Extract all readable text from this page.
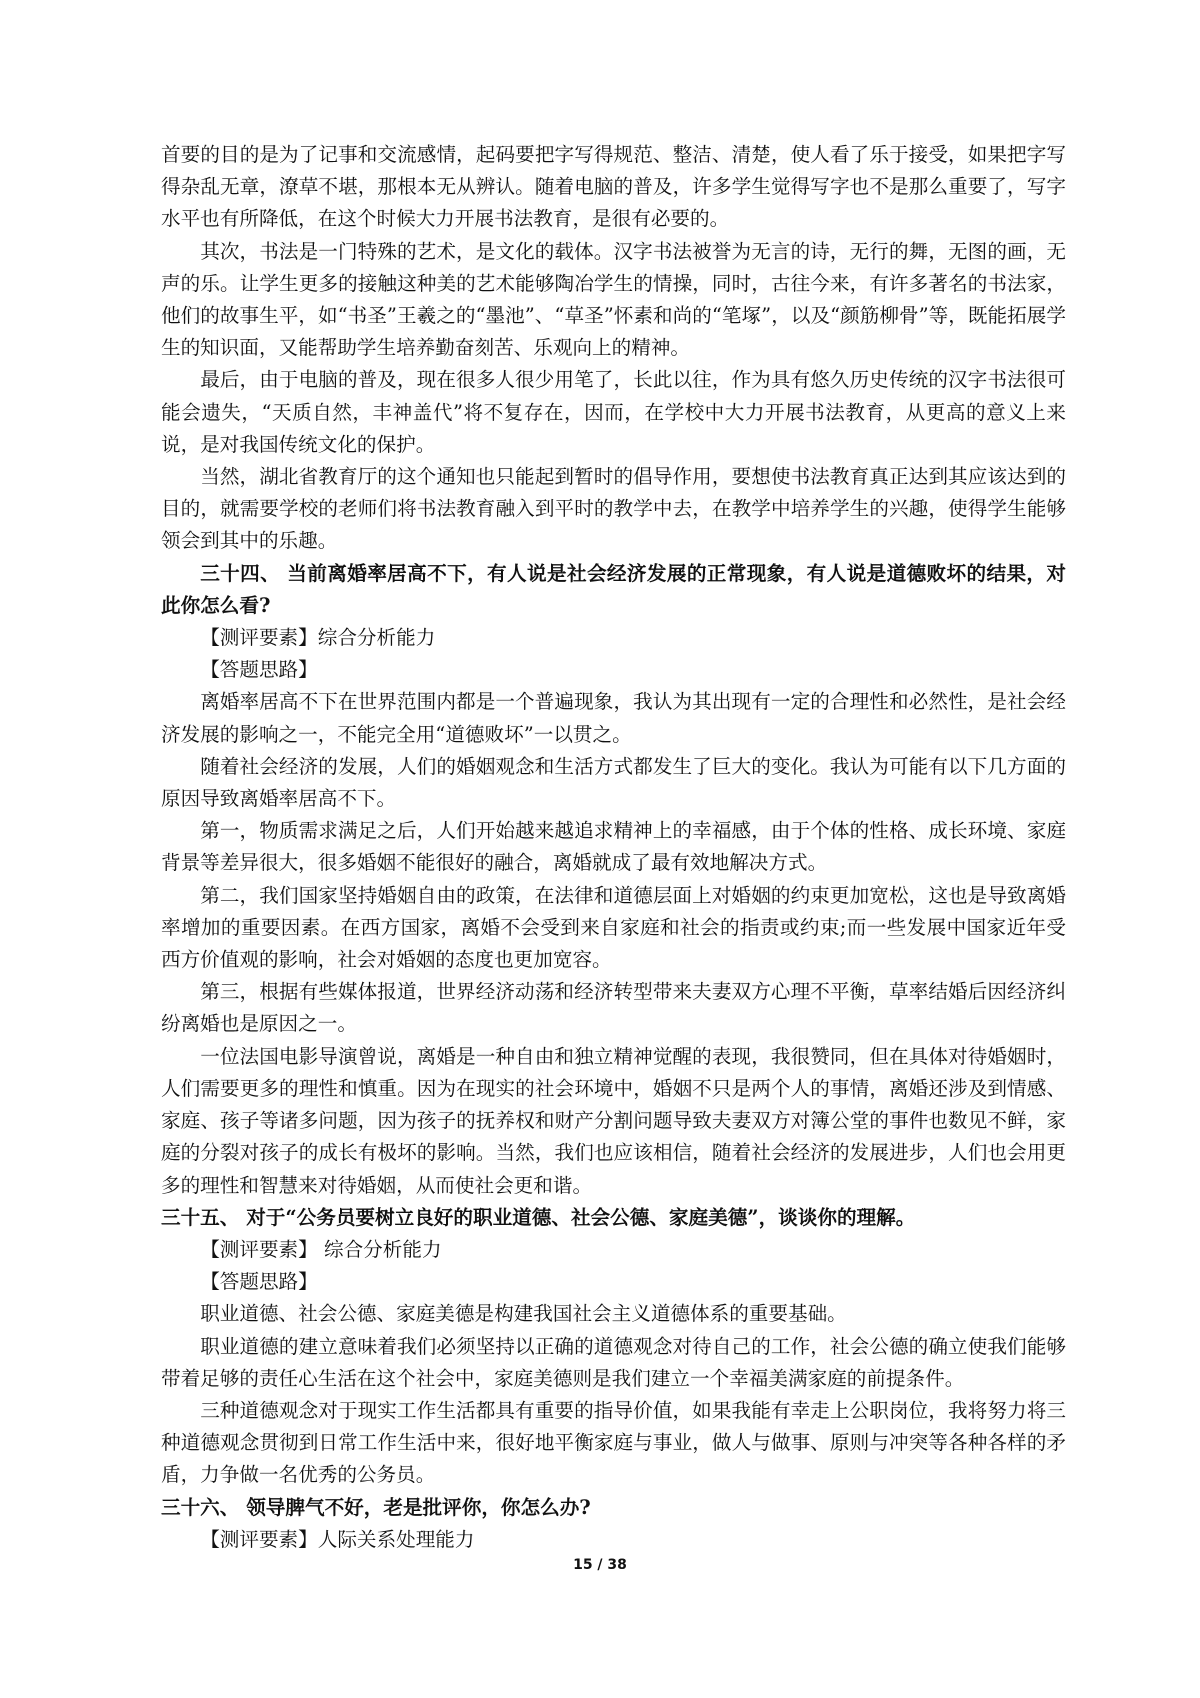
首要的目的是为了记事和交流感情，起码要把字写得规范、整洁、清楚，使人看了乐于接受，如果把字写得杂乱无章，潦草不堪，那根本无从辨认。随着电脑的普及，许多学生觉得写字也不是那么重要了，写字水平也有所降低，在这个时候大力开展书法教育，是很有必要的。

其次，书法是一门特殊的艺术，是文化的载体。汉字书法被誉为无言的诗，无行的舞，无图的画，无声的乐。让学生更多的接触这种美的艺术能够陶冶学生的情操，同时，古往今来，有许多著名的书法家，他们的故事生平，如“书圣”王羲之的“墨池”、“草圣”怀素和尚的“笔塚”，以及“颜筋柳骨”等，既能拓展学生的知识面，又能帮助学生培养勤奋刻苦、乐观向上的精神。

最后，由于电脑的普及，现在很多人很少用笔了，长此以往，作为具有悠久历史传统的汉字书法很可能会遗失，“天质自然，丰神盖代”将不复存在，因而，在学校中大力开展书法教育，从更高的意义上来说，是对我国传统文化的保护。

当然，湖北省教育厅的这个通知也只能起到暂时的倡导作用，要想使书法教育真正达到其应该达到的目的，就需要学校的老师们将书法教育融入到平时的教学中去，在教学中培养学生的兴趣，使得学生能够领会到其中的乐趣。

三十四、 当前离婚率居高不下，有人说是社会经济发展的正常现象，有人说是道德败坏的结果，对此你怎么看?

【测评要素】综合分析能力

【答题思路】

离婚率居高不下在世界范围内都是一个普遍现象，我认为其出现有一定的合理性和必然性，是社会经济发展的影响之一，不能完全用“道德败坏”一以贯之。

随着社会经济的发展，人们的婚姻观念和生活方式都发生了巨大的变化。我认为可能有以下几方面的原因导致离婚率居高不下。

第一，物质需求满足之后，人们开始越来越追求精神上的幸福感，由于个体的性格、成长环境、家庭背景等差异很大，很多婚姻不能很好的融合，离婚就成了最有效地解决方式。

第二，我们国家坚持婚姻自由的政策，在法律和道德层面上对婚姻的约束更加宽松，这也是导致离婚率增加的重要因素。在西方国家，离婚不会受到来自家庭和社会的指责或约束;而一些发展中国家近年受西方价值观的影响，社会对婚姻的态度也更加宽容。

第三，根据有些媒体报道，世界经济动荡和经济转型带来夫妻双方心理不平衡，草率结婚后因经济纠纷离婚也是原因之一。

一位法国电影导演曾说，离婚是一种自由和独立精神觉醒的表现，我很赞同，但在具体对待婚姻时，人们需要更多的理性和慎重。因为在现实的社会环境中，婚姻不只是两个人的事情，离婚还涉及到情感、家庭、孩子等诸多问题，因为孩子的抚养权和财产分割问题导致夫妻双方对簿公堂的事件也数见不鲜，家庭的分裂对孩子的成长有极坏的影响。当然，我们也应该相信，随着社会经济的发展进步，人们也会用更多的理性和智慧来对待婚姻，从而使社会更和谐。

三十五、 对于“公务员要树立良好的职业道德、社会公德、家庭美德”，谈谈你的理解。

【测评要素】 综合分析能力

【答题思路】

职业道德、社会公德、家庭美德是构建我国社会主义道德体系的重要基础。

职业道德的建立意味着我们必须坚持以正确的道德观念对待自己的工作，社会公德的确立使我们能够带着足够的责任心生活在这个社会中，家庭美德则是我们建立一个幸福美满家庭的前提条件。

三种道德观念对于现实工作生活都具有重要的指导价值，如果我能有幸走上公职岗位，我将努力将三种道德观念贯彻到日常工作生活中来，很好地平衡家庭与事业，做人与做事、原则与冲突等各种各样的矛盾，力争做一名优秀的公务员。

三十六、 领导脾气不好，老是批评你，你怎么办?

【测评要素】人际关系处理能力

15 / 38
